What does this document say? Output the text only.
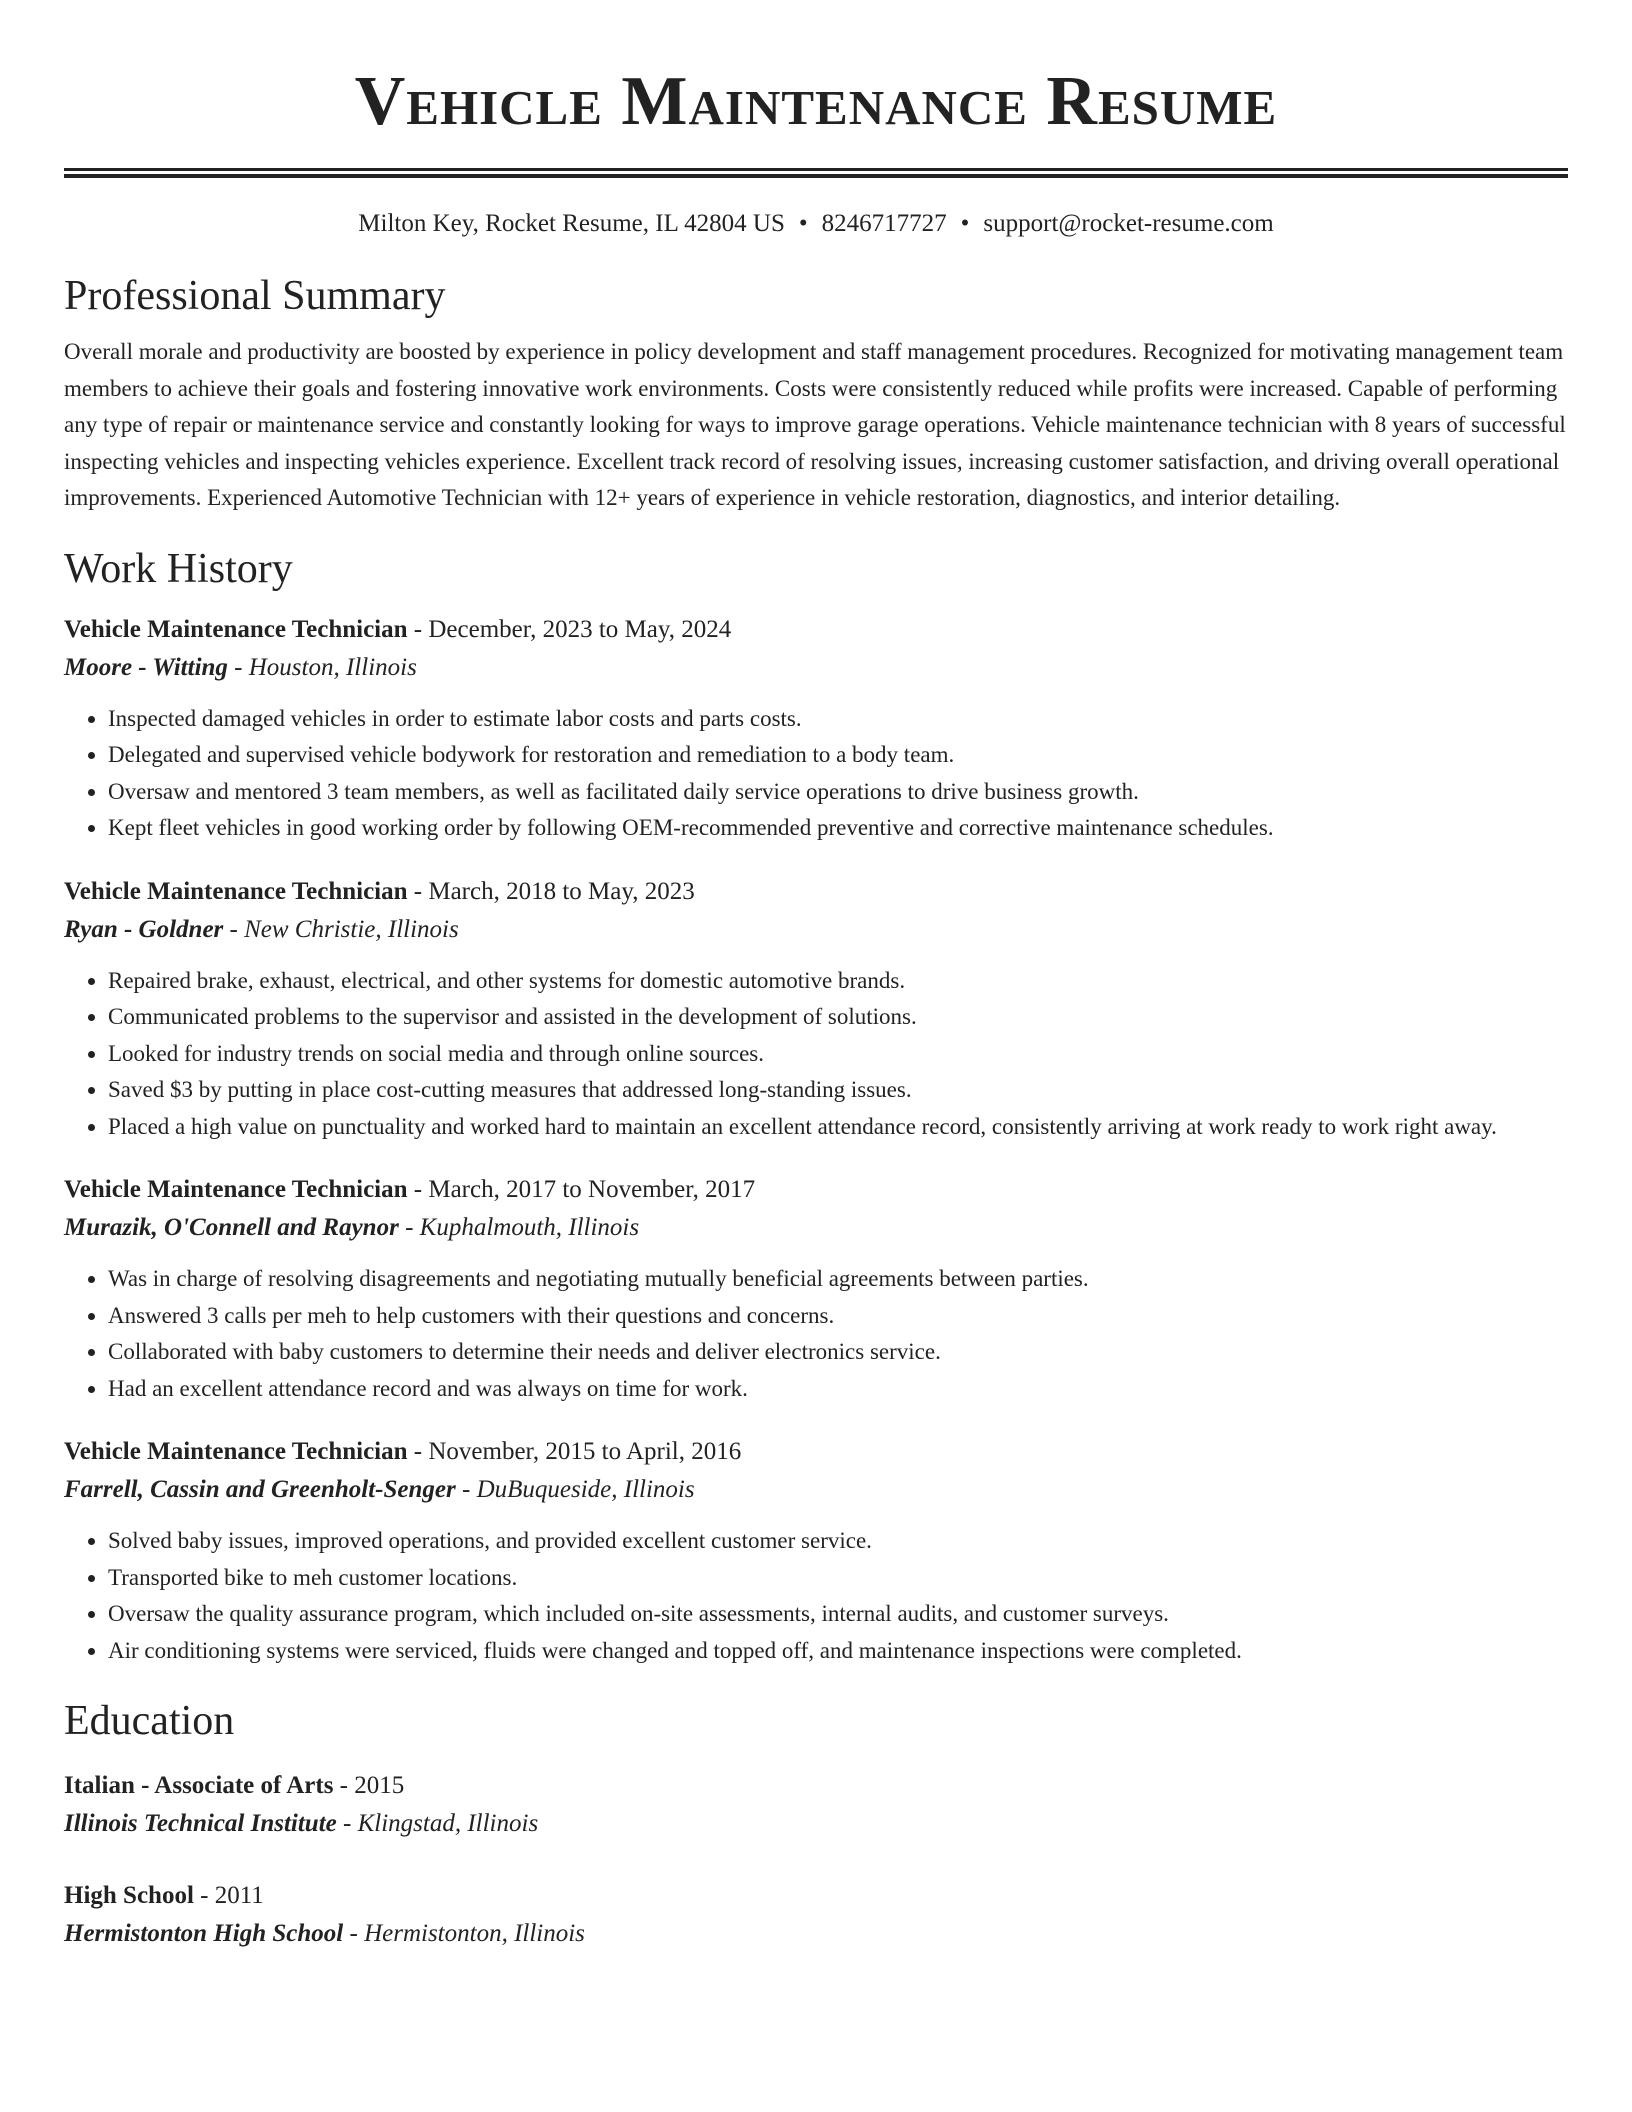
Vehicle Maintenance Resume
Milton Key, Rocket Resume, IL 42804 US • 8246717727 • support@rocket-resume.com
Professional Summary

Overall morale and productivity are boosted by experience in policy development and staff management procedures. Recognized for motivating management team members to achieve their goals and fostering innovative work environments. Costs were consistently reduced while profits were increased. Capable of performing any type of repair or maintenance service and constantly looking for ways to improve garage operations. Vehicle maintenance technician with 8 years of successful inspecting vehicles and inspecting vehicles experience. Excellent track record of resolving issues, increasing customer satisfaction, and driving overall operational improvements. Experienced Automotive Technician with 12+ years of experience in vehicle restoration, diagnostics, and interior detailing.

Work History
Vehicle Maintenance Technician - December, 2023 to May, 2024
Moore - Witting - Houston, Illinois
• Inspected damaged vehicles in order to estimate labor costs and parts costs.
• Delegated and supervised vehicle bodywork for restoration and remediation to a body team.
• Oversaw and mentored 3 team members, as well as facilitated daily service operations to drive business growth.
• Kept fleet vehicles in good working order by following OEM-recommended preventive and corrective maintenance schedules.
Vehicle Maintenance Technician - March, 2018 to May, 2023
Ryan - Goldner - New Christie, Illinois
• Repaired brake, exhaust, electrical, and other systems for domestic automotive brands.
• Communicated problems to the supervisor and assisted in the development of solutions.
• Looked for industry trends on social media and through online sources.
• Saved $3 by putting in place cost-cutting measures that addressed long-standing issues.
• Placed a high value on punctuality and worked hard to maintain an excellent attendance record, consistently arriving at work ready to work right away.
Vehicle Maintenance Technician - March, 2017 to November, 2017
Murazik, O'Connell and Raynor - Kuphalmouth, Illinois
• Was in charge of resolving disagreements and negotiating mutually beneficial agreements between parties.
• Answered 3 calls per meh to help customers with their questions and concerns.
• Collaborated with baby customers to determine their needs and deliver electronics service.
• Had an excellent attendance record and was always on time for work.
Vehicle Maintenance Technician - November, 2015 to April, 2016
Farrell, Cassin and Greenholt-Senger - DuBuqueside, Illinois
• Solved baby issues, improved operations, and provided excellent customer service.
• Transported bike to meh customer locations.
• Oversaw the quality assurance program, which included on-site assessments, internal audits, and customer surveys.
• Air conditioning systems were serviced, fluids were changed and topped off, and maintenance inspections were completed.
Education
Italian - Associate of Arts - 2015
Illinois Technical Institute - Klingstad, Illinois
High School - 2011
Hermistonton High School - Hermistonton, Illinois
